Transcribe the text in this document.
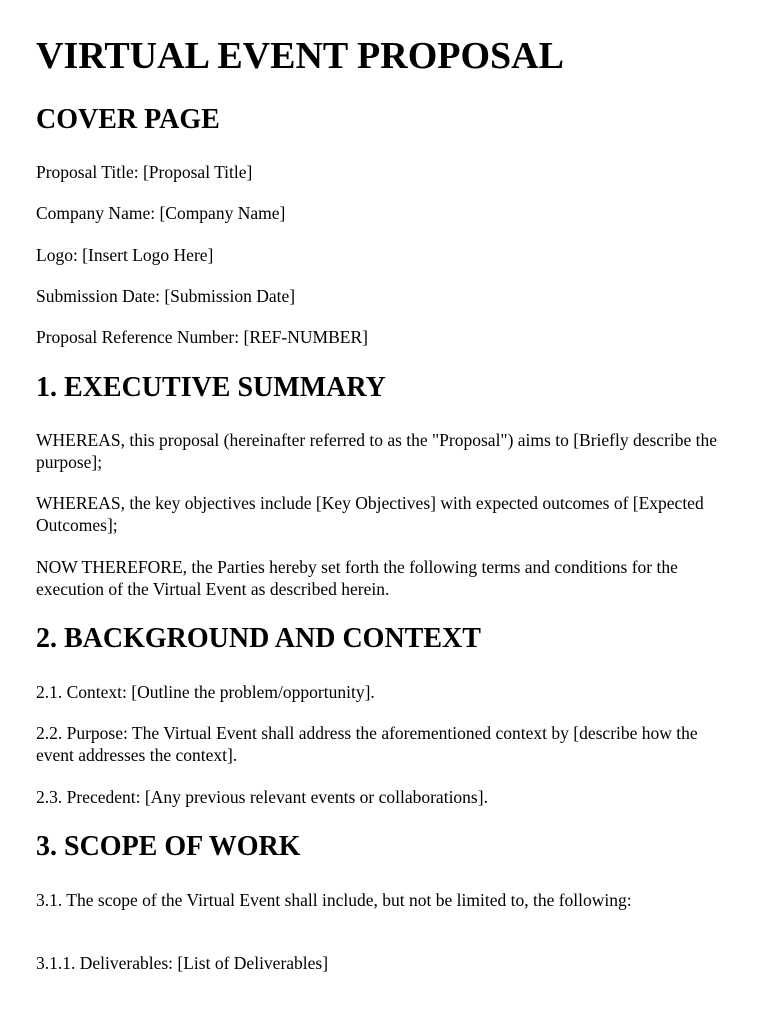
VIRTUAL EVENT PROPOSAL
COVER PAGE

Proposal Title: [Proposal Title]

Company Name: [Company Name]

Logo: [Insert Logo Here]

Submission Date: [Submission Date]

Proposal Reference Number: [REF-NUMBER]

1. EXECUTIVE SUMMARY

WHEREAS, this proposal (hereinafter referred to as the "Proposal") aims to [Briefly describe the purpose];

WHEREAS, the key objectives include [Key Objectives] with expected outcomes of [Expected Outcomes];

NOW THEREFORE, the Parties hereby set forth the following terms and conditions for the execution of the Virtual Event as described herein.

2. BACKGROUND AND CONTEXT

2.1. Context: [Outline the problem/opportunity].

2.2. Purpose: The Virtual Event shall address the aforementioned context by [describe how the event addresses the context].

2.3. Precedent: [Any previous relevant events or collaborations].

3. SCOPE OF WORK

3.1. The scope of the Virtual Event shall include, but not be limited to, the following:

3.1.1. Deliverables: [List of Deliverables]
